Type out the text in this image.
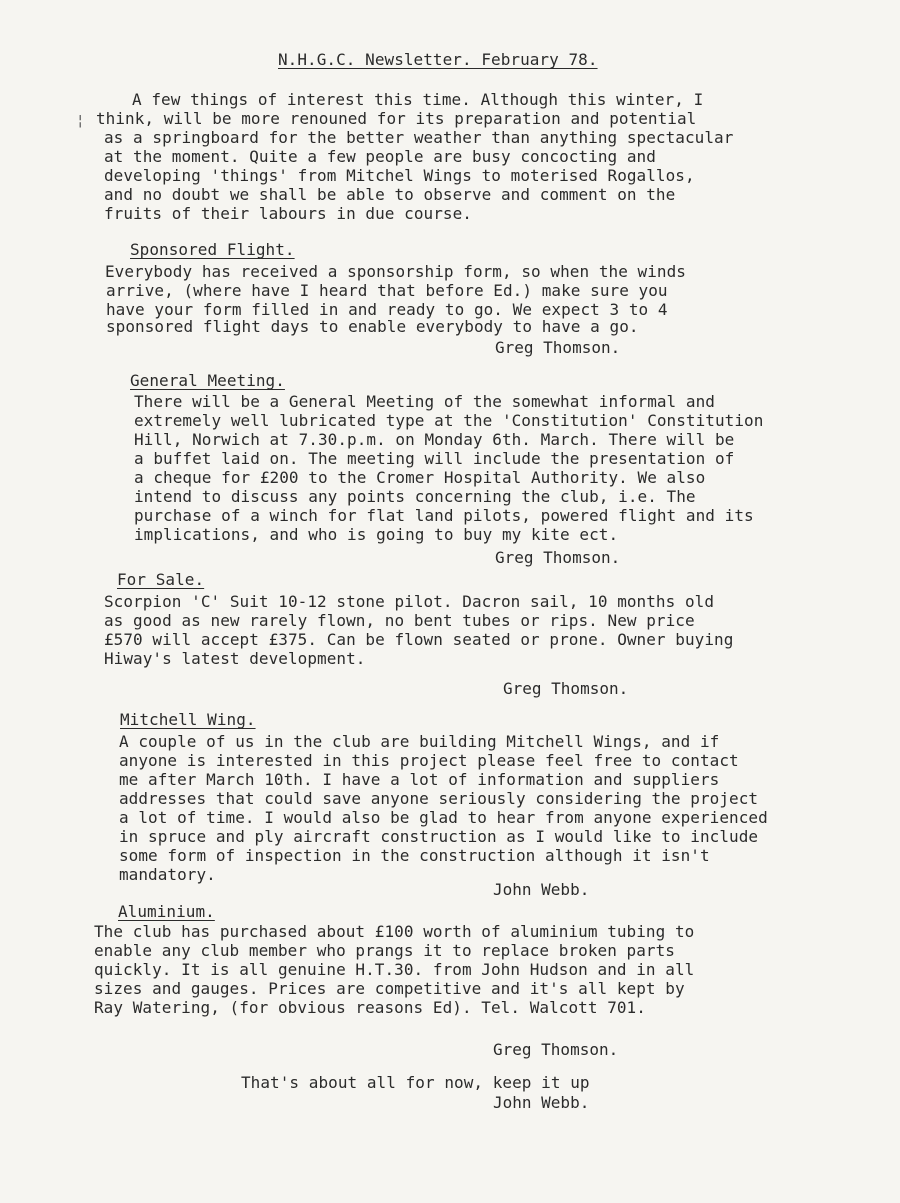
N.H.G.C. Newsletter. February 78.
¦
A few things of interest this time. Although this winter, I
think, will be more renouned for its preparation and potential
as a springboard for the better weather than anything spectacular
at the moment. Quite a few people are busy concocting and
developing 'things' from Mitchel Wings to moterised Rogallos,
and no doubt we shall be able to observe and comment on the
fruits of their labours in due course.
Sponsored Flight.
Everybody has received a sponsorship form, so when the winds
arrive, (where have I heard that before Ed.) make sure you
have your form filled in and ready to go. We expect 3 to 4
sponsored flight days to enable everybody to have a go.
Greg Thomson.
General Meeting.
There will be a General Meeting of the somewhat informal and
extremely well lubricated type at the 'Constitution' Constitution
Hill, Norwich at 7.30.p.m. on Monday 6th. March. There will be
a buffet laid on. The meeting will include the presentation of
a cheque for £200 to the Cromer Hospital Authority. We also
intend to discuss any points concerning the club, i.e. The
purchase of a winch for flat land pilots, powered flight and its
implications, and who is going to buy my kite ect.
Greg Thomson.
For Sale.
Scorpion 'C' Suit 10-12 stone pilot. Dacron sail, 10 months old
as good as new rarely flown, no bent tubes or rips. New price
£570 will accept £375. Can be flown seated or prone. Owner buying
Hiway's latest development.
Greg Thomson.
Mitchell Wing.
A couple of us in the club are building Mitchell Wings, and if
anyone is interested in this project please feel free to contact
me after March 10th. I have a lot of information and suppliers
addresses that could save anyone seriously considering the project
a lot of time. I would also be glad to hear from anyone experienced
in spruce and ply aircraft construction as I would like to include
some form of inspection in the construction although it isn't
mandatory.
John Webb.
Aluminium.
The club has purchased about £100 worth of aluminium tubing to
enable any club member who prangs it to replace broken parts
quickly. It is all genuine H.T.30. from John Hudson and in all
sizes and gauges. Prices are competitive and it's all kept by
Ray Watering, (for obvious reasons Ed). Tel. Walcott 701.
Greg Thomson.
That's about all for now, keep it up
John Webb.
